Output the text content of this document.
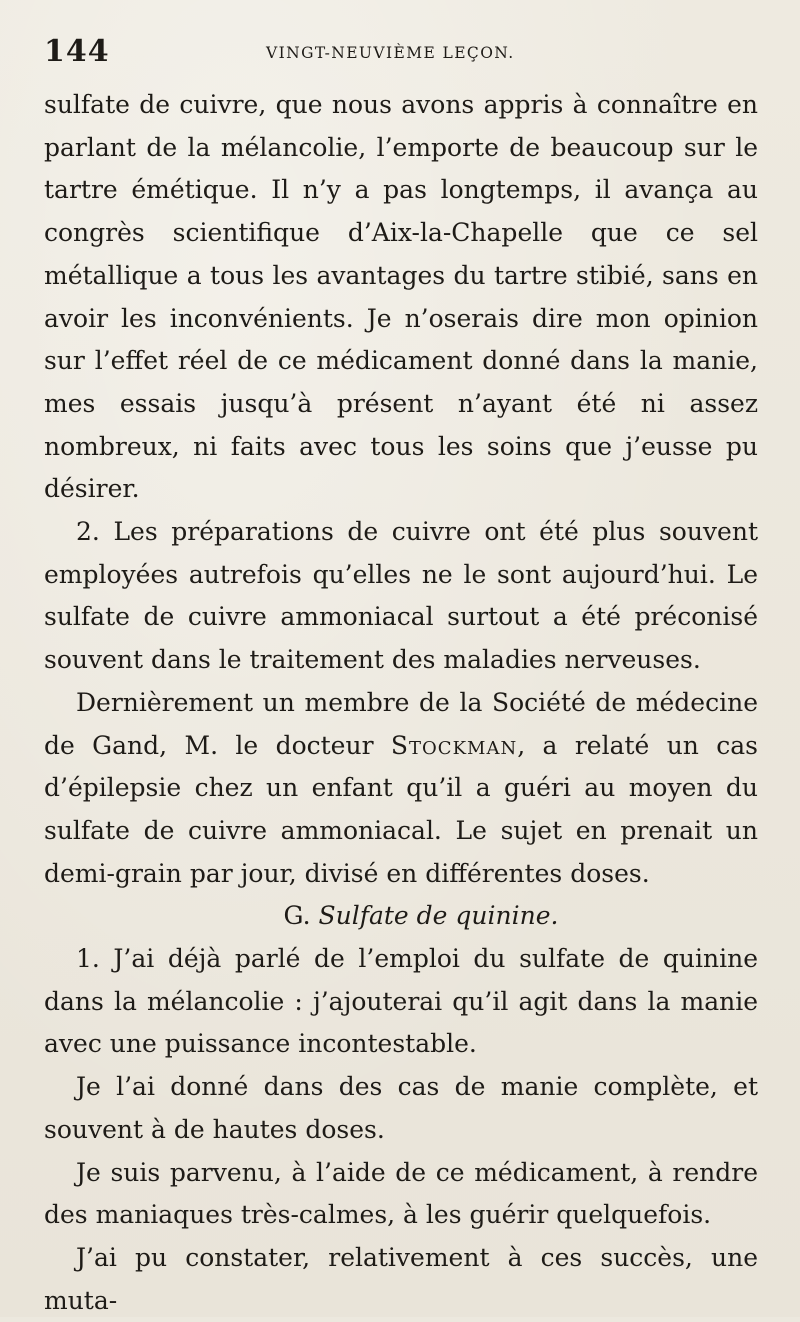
144	VINGT-NEUVIÈME LEÇON.

sulfate de cuivre, que nous avons appris à connaître en parlant de la mélancolie, l’emporte de beaucoup sur le tartre émétique. Il n’y a pas longtemps, il avança au congrès scientifique d’Aix-la-Chapelle que ce sel métallique a tous les avantages du tartre stibié, sans en avoir les inconvénients. Je n’oserais dire mon opinion sur l’effet réel de ce médicament donné dans la manie, mes essais jusqu’à présent n’ayant été ni assez nombreux, ni faits avec tous les soins que j’eusse pu désirer.

2. Les préparations de cuivre ont été plus souvent employées autrefois qu’elles ne le sont aujourd’hui. Le sulfate de cuivre ammoniacal surtout a été préconisé souvent dans le traitement des maladies nerveuses.

Dernièrement un membre de la Société de médecine de Gand, M. le docteur Stockman, a relaté un cas d’épilepsie chez un enfant qu’il a guéri au moyen du sulfate de cuivre ammoniacal. Le sujet en prenait un demi-grain par jour, divisé en différentes doses.

G. Sulfate de quinine.

1. J’ai déjà parlé de l’emploi du sulfate de quinine dans la mélancolie : j’ajouterai qu’il agit dans la manie avec une puissance incontestable.

Je l’ai donné dans des cas de manie complète, et souvent à de hautes doses.

Je suis parvenu, à l’aide de ce médicament, à rendre des maniaques très-calmes, à les guérir quelquefois.

J’ai pu constater, relativement à ces succès, une muta-
